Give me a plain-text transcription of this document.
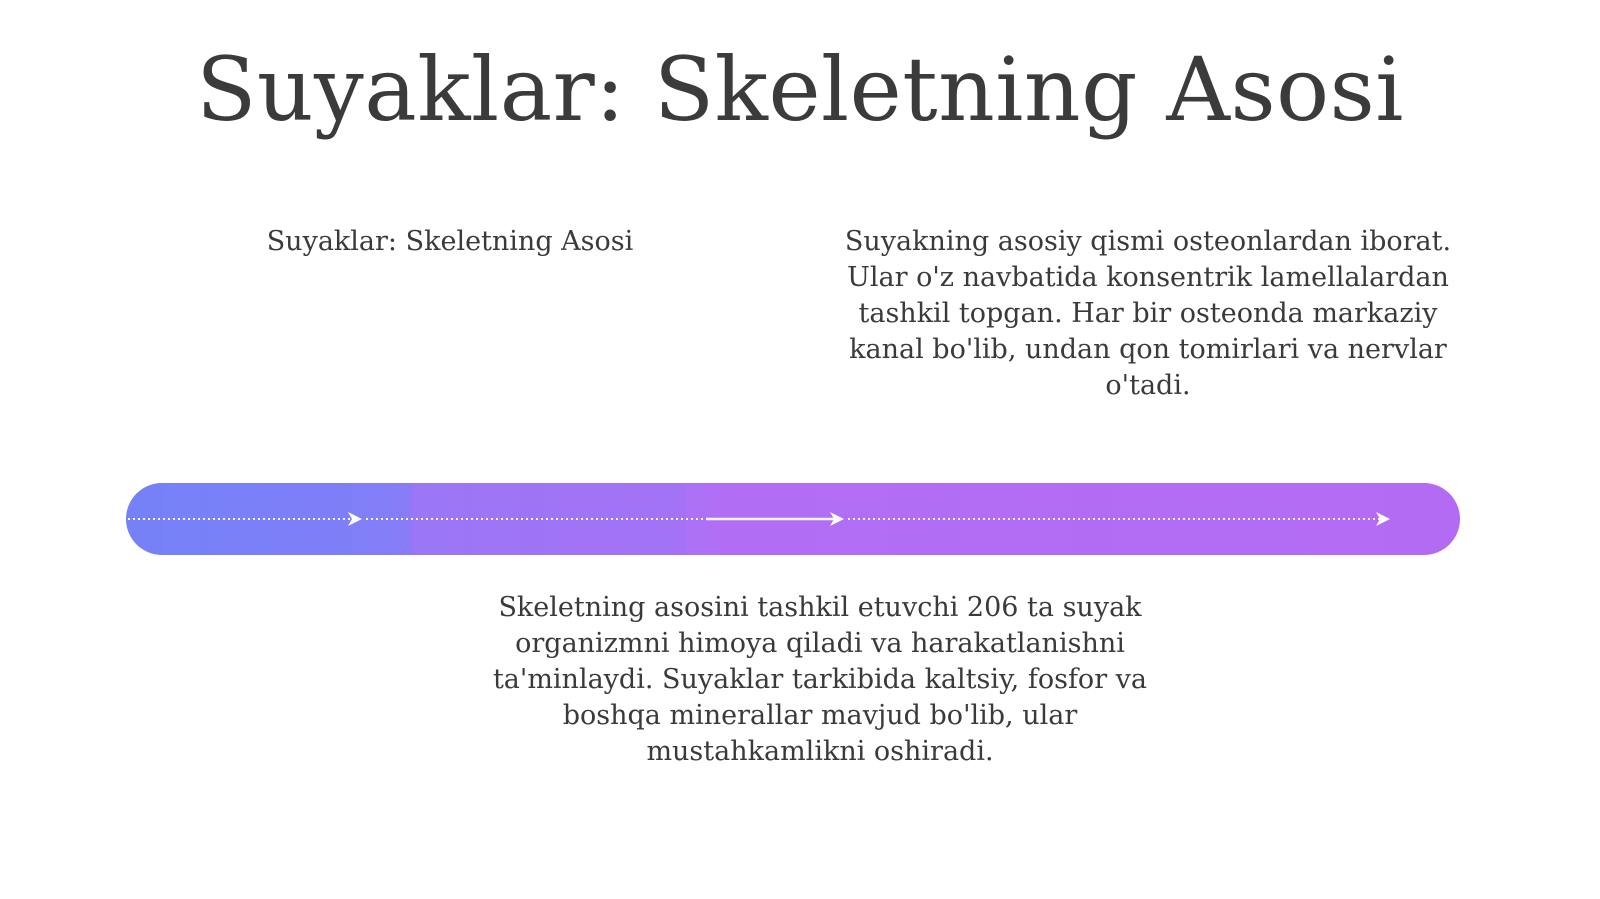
Suyaklar: Skeletning Asosi
Suyaklar: Skeletning Asosi	Suyakning asosiy qismi osteonlardan iborat. Ular o'z navbatida konsentrik lamellalardan tashkil topgan. Har bir osteonda markaziy kanal bo'lib, undan qon tomirlari va nervlar o'tadi.
Skeletning asosini tashkil etuvchi 206 ta suyak organizmni himoya qiladi va harakatlanishni ta'minlaydi. Suyaklar tarkibida kaltsiy, fosfor va boshqa minerallar mavjud bo'lib, ular mustahkamlikni oshiradi.
